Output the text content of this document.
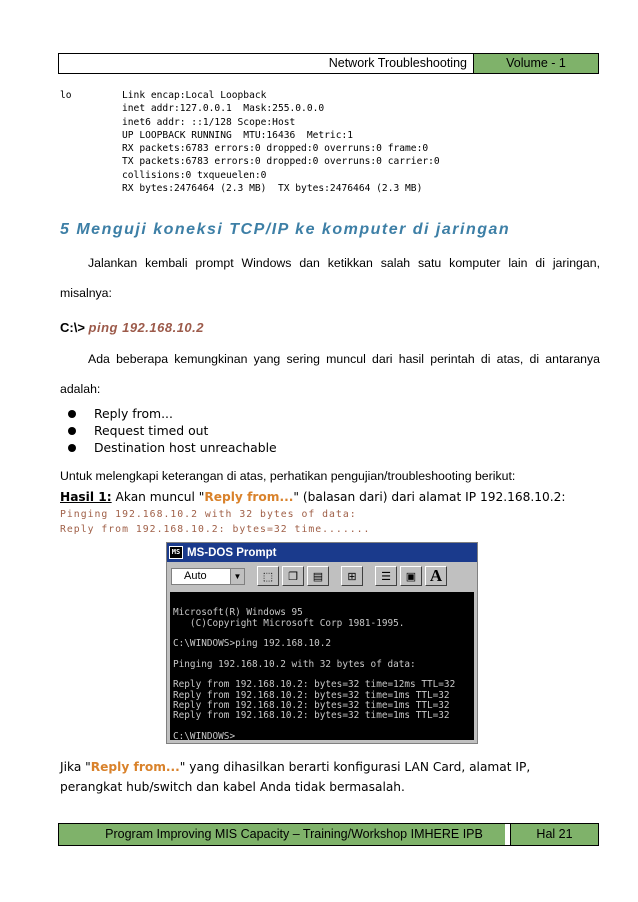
Network Troubleshooting	Volume - 1
lo	Link encap:Local Loopback
inet addr:127.0.0.1  Mask:255.0.0.0
inet6 addr: ::1/128 Scope:Host
UP LOOPBACK RUNNING  MTU:16436  Metric:1
RX packets:6783 errors:0 dropped:0 overruns:0 frame:0
TX packets:6783 errors:0 dropped:0 overruns:0 carrier:0
collisions:0 txqueuelen:0
RX bytes:2476464 (2.3 MB)  TX bytes:2476464 (2.3 MB)
5 Menguji koneksi TCP/IP ke komputer di jaringan
Jalankan kembali prompt Windows dan ketikkan salah satu komputer lain di jaringan, misalnya:
C:\> ping 192.168.10.2
Ada beberapa kemungkinan yang sering muncul dari hasil perintah di atas, di antaranya adalah:
Reply from...
Request timed out
Destination host unreachable
Untuk melengkapi keterangan di atas, perhatikan pengujian/troubleshooting berikut:
Hasil 1: Akan muncul "Reply from..." (balasan dari) dari alamat IP 192.168.10.2:
Pinging 192.168.10.2 with 32 bytes of data:
Reply from 192.168.10.2: bytes=32 time.......
MS MS-DOS Prompt
Auto	▼	⬚	❐	▤	⊞	☰	▣ A

Microsoft(R) Windows 95
(C)Copyright Microsoft Corp 1981-1995.

C:\WINDOWS>ping 192.168.10.2

Pinging 192.168.10.2 with 32 bytes of data:

Reply from 192.168.10.2: bytes=32 time=12ms TTL=32
Reply from 192.168.10.2: bytes=32 time=1ms TTL=32
Reply from 192.168.10.2: bytes=32 time=1ms TTL=32
Reply from 192.168.10.2: bytes=32 time=1ms TTL=32

C:\WINDOWS>
Jika "Reply from..." yang dihasilkan berarti konfigurasi LAN Card, alamat IP,
perangkat hub/switch dan kabel Anda tidak bermasalah.
Program Improving MIS Capacity – Training/Workshop IMHERE IPB	Hal 21
